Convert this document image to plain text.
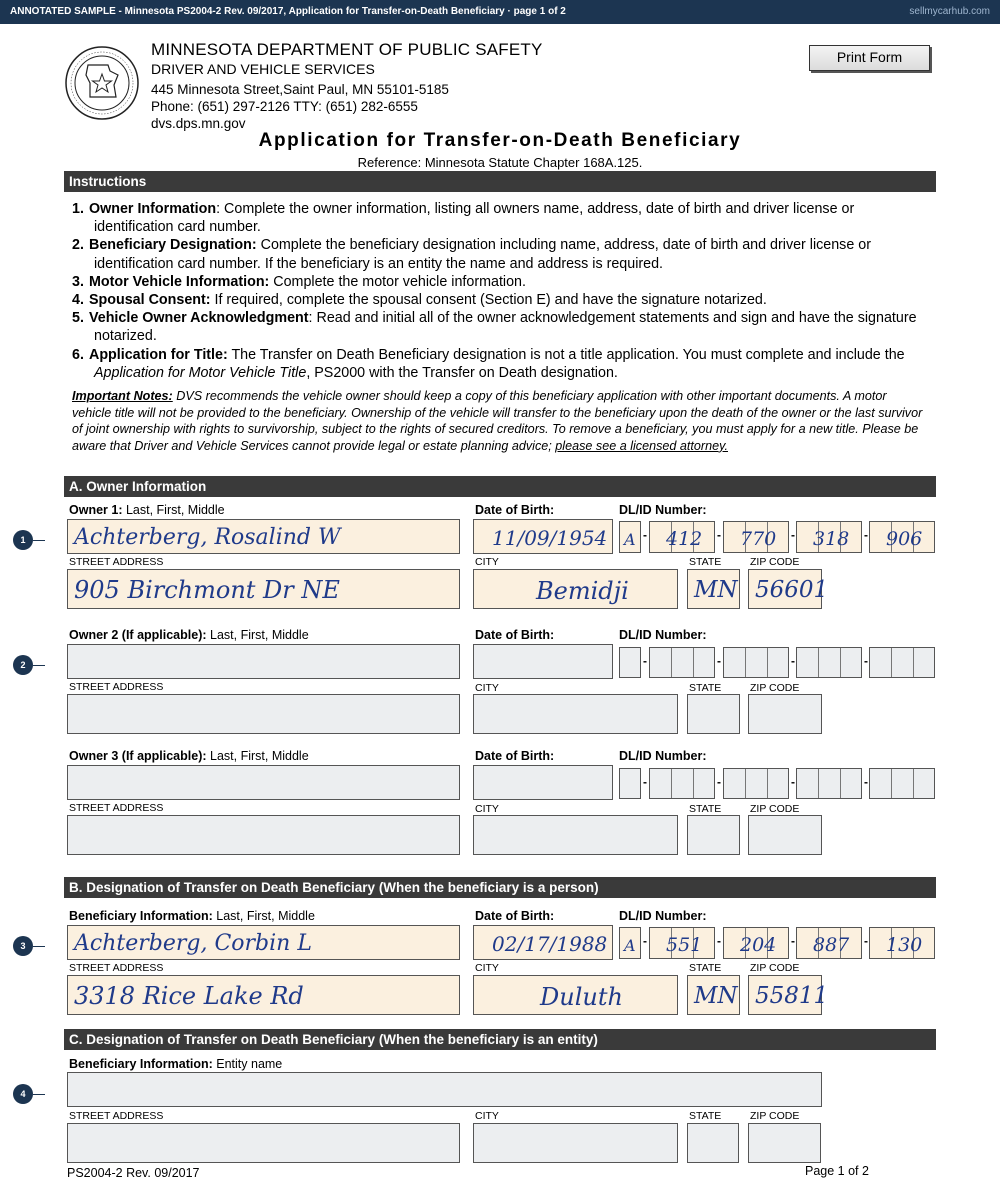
ANNOTATED SAMPLE - Minnesota PS2004-2 Rev. 09/2017, Application for Transfer-on-Death Beneficiary · page 1 of 2	sellmycarhub.com
MINNESOTA DEPARTMENT OF PUBLIC SAFETY
DRIVER AND VEHICLE SERVICES
445 Minnesota Street,Saint Paul, MN 55101-5185
Phone: (651) 297-2126 TTY: (651) 282-6555
dvs.dps.mn.gov
Print Form
Application for Transfer-on-Death Beneficiary
Reference: Minnesota Statute Chapter 168A.125.
Instructions
1. Owner Information: Complete the owner information, listing all owners name, address, date of birth and driver license or identification card number.
2. Beneficiary Designation: Complete the beneficiary designation including name, address, date of birth and driver license or identification card number. If the beneficiary is an entity the name and address is required.
3. Motor Vehicle Information: Complete the motor vehicle information.
4. Spousal Consent: If required, complete the spousal consent (Section E) and have the signature notarized.
5. Vehicle Owner Acknowledgment: Read and initial all of the owner acknowledgement statements and sign and have the signature notarized.
6. Application for Title: The Transfer on Death Beneficiary designation is not a title application. You must complete and include the Application for Motor Vehicle Title, PS2000 with the Transfer on Death designation.
Important Notes: DVS recommends the vehicle owner should keep a copy of this beneficiary application with other important documents. A motor vehicle title will not be provided to the beneficiary. Ownership of the vehicle will transfer to the beneficiary upon the death of the owner or the last survivor of joint ownership with rights to survivorship, subject to the rights of secured creditors. To remove a beneficiary, you must apply for a new title. Please be aware that Driver and Vehicle Services cannot provide legal or estate planning advice; please see a licensed attorney.
A. Owner Information
Owner 1: Last, First, Middle	Date of Birth:	DL/ID Number:
Achterberg, Rosalind W	11/09/1954 A - 412 - 770 - 318 - 906
STREET ADDRESS	CITY	STATE	ZIP CODE
905 Birchmont Dr NE	Bemidji	MN 56601
Owner 2 (If applicable): Last, First, Middle	Date of Birth:	DL/ID Number:
-	-	-	-
STREET ADDRESS	CITY	STATE	ZIP CODE
Owner 3 (If applicable): Last, First, Middle	Date of Birth:	DL/ID Number:
-	-	-	-
STREET ADDRESS	CITY	STATE	ZIP CODE
B. Designation of Transfer on Death Beneficiary (When the beneficiary is a person)
Beneficiary Information: Last, First, Middle	Date of Birth:	DL/ID Number:
Achterberg, Corbin L	02/17/1988 A - 551 - 204 - 887 - 130
STREET ADDRESS	CITY	STATE	ZIP CODE
3318 Rice Lake Rd	Duluth	MN 55811
C. Designation of Transfer on Death Beneficiary (When the beneficiary is an entity)
Beneficiary Information: Entity name
STREET ADDRESS	CITY	STATE	ZIP CODE
1
2
3
4
PS2004-2 Rev. 09/2017	Page 1 of 2
